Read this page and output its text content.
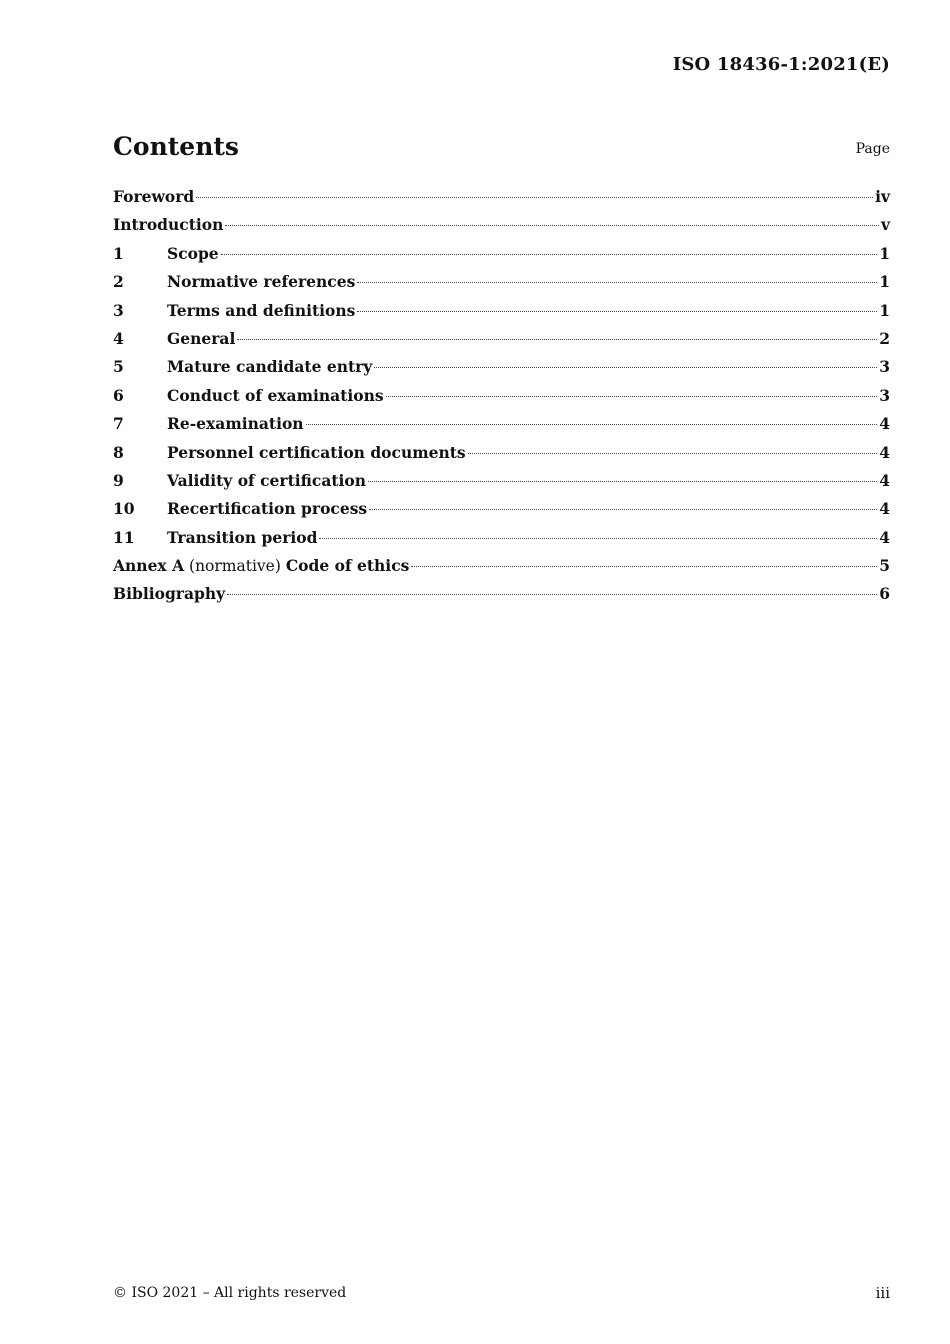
ISO 18436-1:2021(E)
Contents	Page
Foreword	iv
Introduction	v
1	Scope	1
2	Normative references	1
3	Terms and definitions	1
4	General	2
5	Mature candidate entry	3
6	Conduct of examinations	3
7	Re-examination	4
8	Personnel certification documents	4
9	Validity of certification	4
10	Recertification process	4
11	Transition period	4
Annex A (normative) Code of ethics	5
Bibliography	6
© ISO 2021 – All rights reserved	iii
